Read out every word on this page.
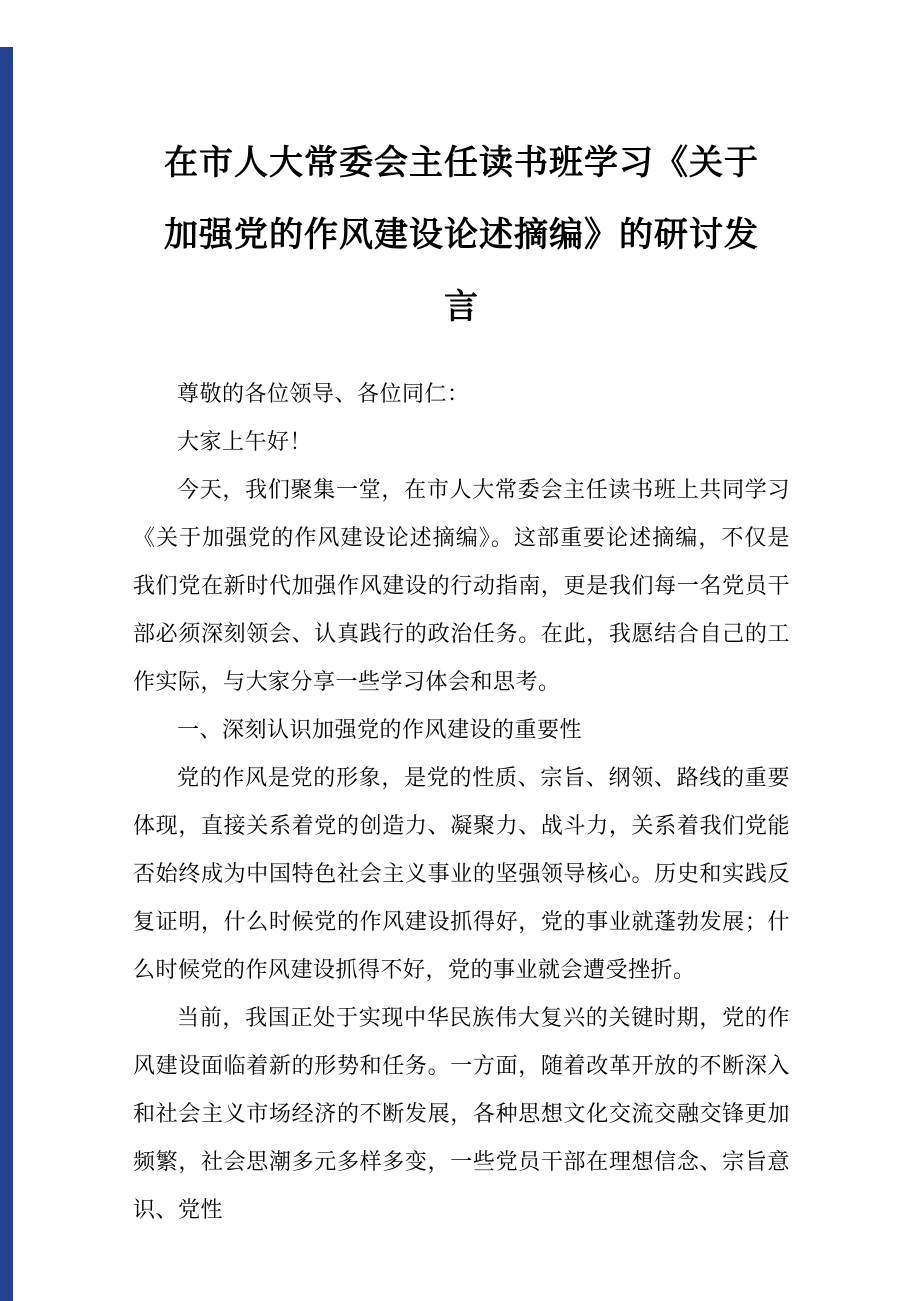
在市人大常委会主任读书班学习《关于
加强党的作风建设论述摘编》的研讨发
言

尊敬的各位领导、各位同仁：

大家上午好！

今天，我们聚集一堂，在市人大常委会主任读书班上共同学习《关于加强党的作风建设论述摘编》。这部重要论述摘编，不仅是我们党在新时代加强作风建设的行动指南，更是我们每一名党员干部必须深刻领会、认真践行的政治任务。在此，我愿结合自己的工作实际，与大家分享一些学习体会和思考。

一、深刻认识加强党的作风建设的重要性

党的作风是党的形象，是党的性质、宗旨、纲领、路线的重要体现，直接关系着党的创造力、凝聚力、战斗力，关系着我们党能否始终成为中国特色社会主义事业的坚强领导核心。历史和实践反复证明，什么时候党的作风建设抓得好，党的事业就蓬勃发展；什么时候党的作风建设抓得不好，党的事业就会遭受挫折。

当前，我国正处于实现中华民族伟大复兴的关键时期，党的作风建设面临着新的形势和任务。一方面，随着改革开放的不断深入和社会主义市场经济的不断发展，各种思想文化交流交融交锋更加频繁，社会思潮多元多样多变，一些党员干部在理想信念、宗旨意识、党性
